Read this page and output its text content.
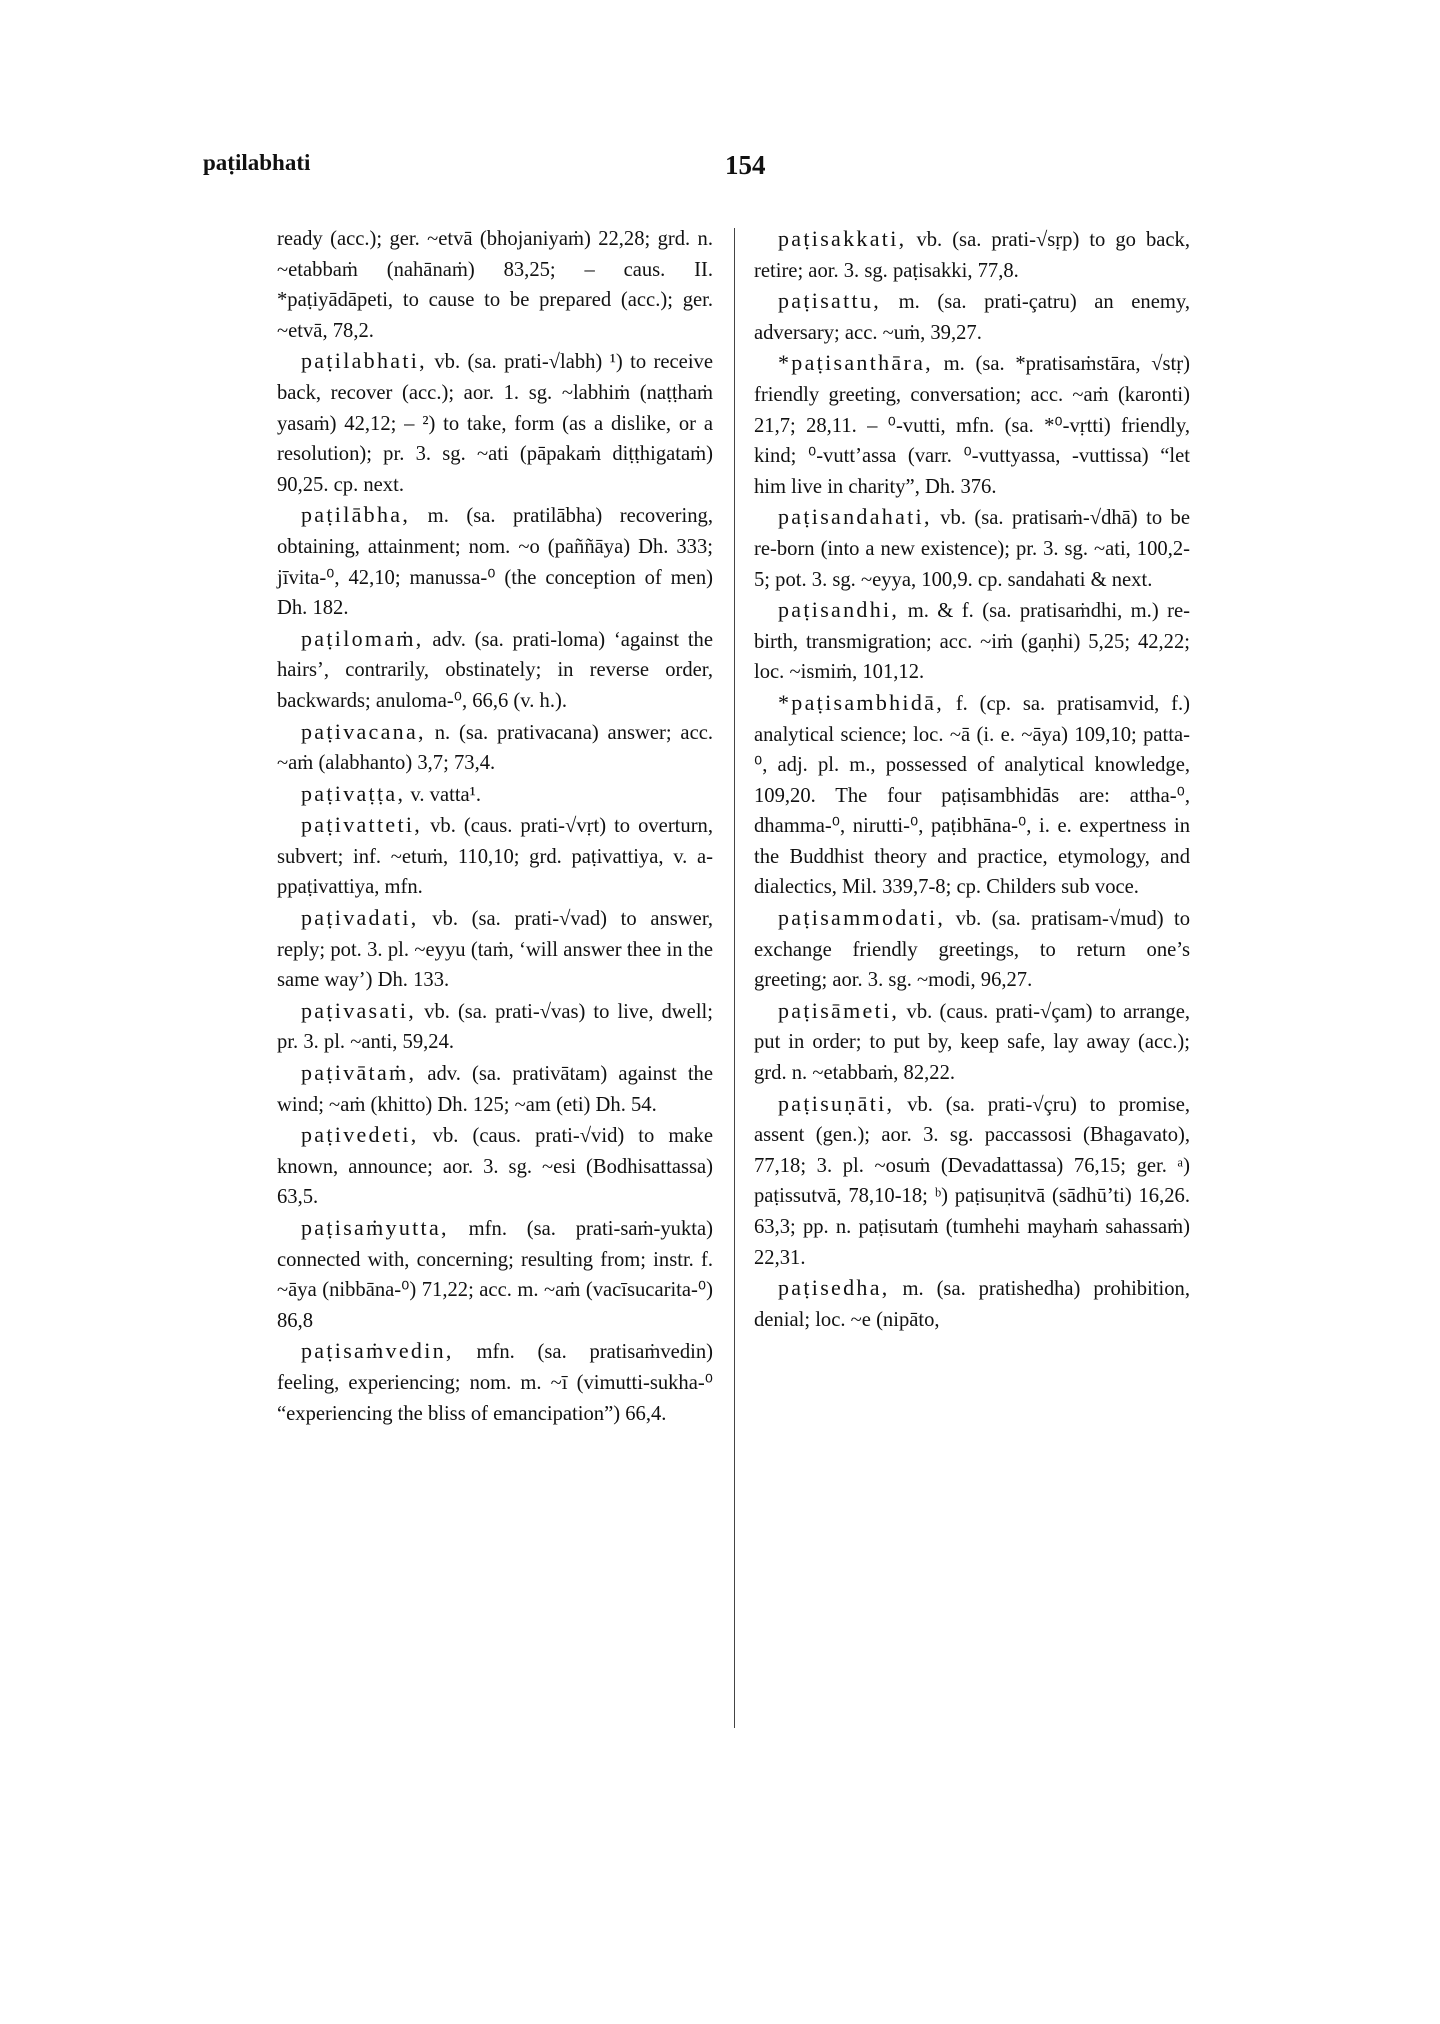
paṭilabhati	154

ready (acc.); ger. ~etvā (bhojaniyaṁ) 22,28; grd. n. ~etabbaṁ (nahānaṁ) 83,25; – caus. II. *paṭiyādāpeti, to cause to be prepared (acc.); ger. ~etvā, 78,2.

paṭilabhati, vb. (sa. prati-√labh) ¹) to receive back, recover (acc.); aor. 1. sg. ~labhiṁ (naṭṭhaṁ yasaṁ) 42,12; – ²) to take, form (as a dislike, or a resolution); pr. 3. sg. ~ati (pāpakaṁ diṭṭhigataṁ) 90,25. cp. next.

paṭilābha, m. (sa. pratilābha) recovering, obtaining, attainment; nom. ~o (paññāya) Dh. 333; jīvita-⁰, 42,10; manussa-⁰ (the conception of men) Dh. 182.

paṭilomaṁ, adv. (sa. prati-loma) ‘against the hairs’, contrarily, obstinately; in reverse order, backwards; anuloma-⁰, 66,6 (v. h.).

paṭivacana, n. (sa. prativacana) answer; acc. ~aṁ (alabhanto) 3,7; 73,4.

paṭivaṭṭa, v. vatta¹.

paṭivatteti, vb. (caus. prati-√vṛt) to overturn, subvert; inf. ~etuṁ, 110,10; grd. paṭivattiya, v. a-ppaṭivattiya, mfn.

paṭivadati, vb. (sa. prati-√vad) to answer, reply; pot. 3. pl. ~eyyu (taṁ, ‘will answer thee in the same way’) Dh. 133.

paṭivasati, vb. (sa. prati-√vas) to live, dwell; pr. 3. pl. ~anti, 59,24.

paṭivātaṁ, adv. (sa. prativātam) against the wind; ~aṁ (khitto) Dh. 125; ~am (eti) Dh. 54.

paṭivedeti, vb. (caus. prati-√vid) to make known, announce; aor. 3. sg. ~esi (Bodhisattassa) 63,5.

paṭisaṁyutta, mfn. (sa. prati-saṁ-yukta) connected with, concerning; resulting from; instr. f. ~āya (nibbāna-⁰) 71,22; acc. m. ~aṁ (vacīsucarita-⁰) 86,8

paṭisaṁvedin, mfn. (sa. pratisaṁvedin) feeling, experiencing; nom. m. ~ī (vimutti-sukha-⁰ “experiencing the bliss of emancipation”) 66,4.

paṭisakkati, vb. (sa. prati-√sṛp) to go back, retire; aor. 3. sg. paṭisakki, 77,8.

paṭisattu, m. (sa. prati-çatru) an enemy, adversary; acc. ~uṁ, 39,27.

*paṭisanthāra, m. (sa. *pratisaṁstāra, √stṛ) friendly greeting, conversation; acc. ~aṁ (karonti) 21,7; 28,11. – ⁰-vutti, mfn. (sa. *⁰-vṛtti) friendly, kind; ⁰-vutt’assa (varr. ⁰-vuttyassa, -vuttissa) “let him live in charity”, Dh. 376.

paṭisandahati, vb. (sa. pratisaṁ-√dhā) to be re-born (into a new existence); pr. 3. sg. ~ati, 100,2-5; pot. 3. sg. ~eyya, 100,9. cp. sandahati & next.

paṭisandhi, m. & f. (sa. pratisaṁdhi, m.) re-birth, transmigration; acc. ~iṁ (gaṇhi) 5,25; 42,22; loc. ~ismiṁ, 101,12.

*paṭisambhidā, f. (cp. sa. pratisamvid, f.) analytical science; loc. ~ā (i. e. ~āya) 109,10; patta-⁰, adj. pl. m., possessed of analytical knowledge, 109,20. The four paṭisambhidās are: attha-⁰, dhamma-⁰, nirutti-⁰, paṭibhāna-⁰, i. e. expertness in the Buddhist theory and practice, etymology, and dialectics, Mil. 339,7-8; cp. Childers sub voce.

paṭisammodati, vb. (sa. pratisam-√mud) to exchange friendly greetings, to return one’s greeting; aor. 3. sg. ~modi, 96,27.

paṭisāmeti, vb. (caus. prati-√çam) to arrange, put in order; to put by, keep safe, lay away (acc.); grd. n. ~etabbaṁ, 82,22.

paṭisuṇāti, vb. (sa. prati-√çru) to promise, assent (gen.); aor. 3. sg. paccassosi (Bhagavato), 77,18; 3. pl. ~osuṁ (Devadattassa) 76,15; ger. ᵃ) paṭissutvā, 78,10-18; ᵇ) paṭisuṇitvā (sādhū’ti) 16,26. 63,3; pp. n. paṭisutaṁ (tumhehi mayhaṁ sahassaṁ) 22,31.

paṭisedha, m. (sa. pratishedha) prohibition, denial; loc. ~e (nipāto,
